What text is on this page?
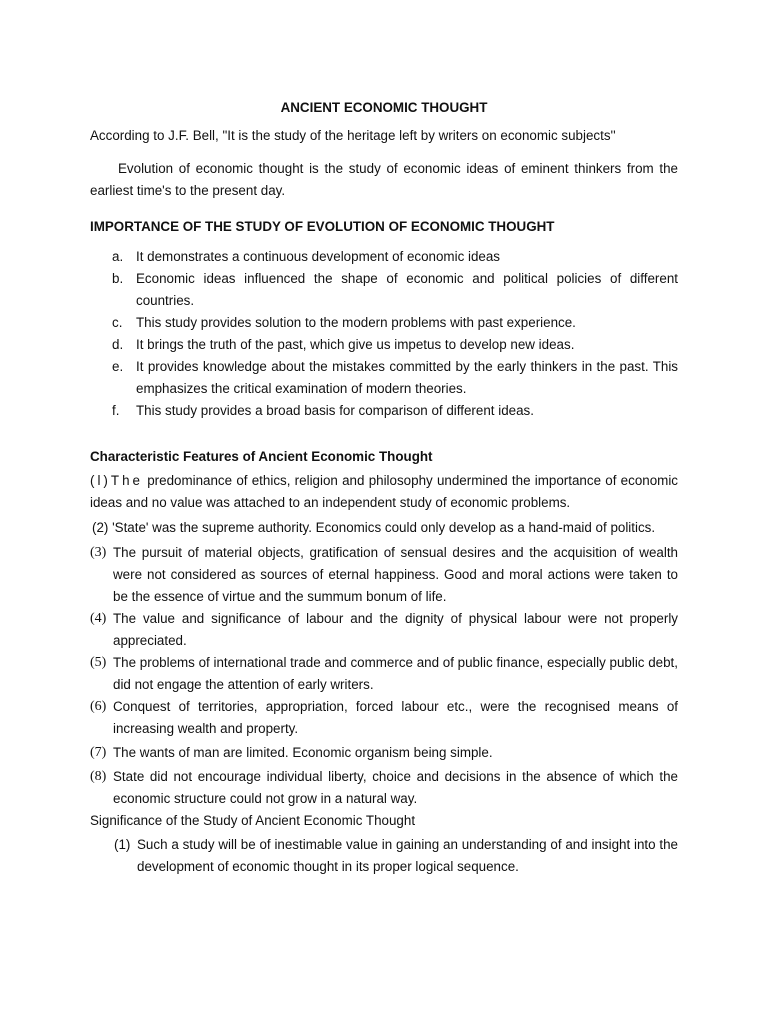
ANCIENT ECONOMIC THOUGHT

According to J.F. Bell, "It is the study of the heritage left by writers on economic subjects''

Evolution of economic thought is the study of economic ideas of eminent thinkers from the earliest time's to the present day.

IMPORTANCE OF THE STUDY OF EVOLUTION OF ECONOMIC THOUGHT

a. It demonstrates a continuous development of economic ideas
b. Economic ideas influenced the shape of economic and political policies of different countries.
c. This study provides solution to the modern problems with past experience.
d. It brings the truth of the past, which give us impetus to develop new ideas.
e. It provides knowledge about the mistakes committed by the early thinkers in the past. This emphasizes the critical examination of modern theories.
f. This study provides a broad basis for comparison of different ideas.

Characteristic Features of Ancient Economic Thought

(l)The predominance of ethics, religion and philosophy undermined the importance of economic ideas and no value was attached to an independent study of economic problems.

(2) 'State' was the supreme authority. Economics could only develop as a hand-maid of politics.

(3) The pursuit of material objects, gratification of sensual desires and the acquisition of wealth were not considered as sources of eternal happiness. Good and moral actions were taken to be the essence of virtue and the summum bonum of life.
(4) The value and significance of labour and the dignity of physical labour were not properly appreciated.
(5) The problems of international trade and commerce and of public finance, especially public debt, did not engage the attention of early writers.
(6) Conquest of territories, appropriation, forced labour etc., were the recognised means of increasing wealth and property.
(7) The wants of man are limited. Economic organism being simple.
(8) State did not encourage individual liberty, choice and decisions in the absence of which the economic structure could not grow in a natural way.

Significance of the Study of Ancient Economic Thought

(1) Such a study will be of inestimable value in gaining an understanding of and insight into the development of economic thought in its proper logical sequence.
